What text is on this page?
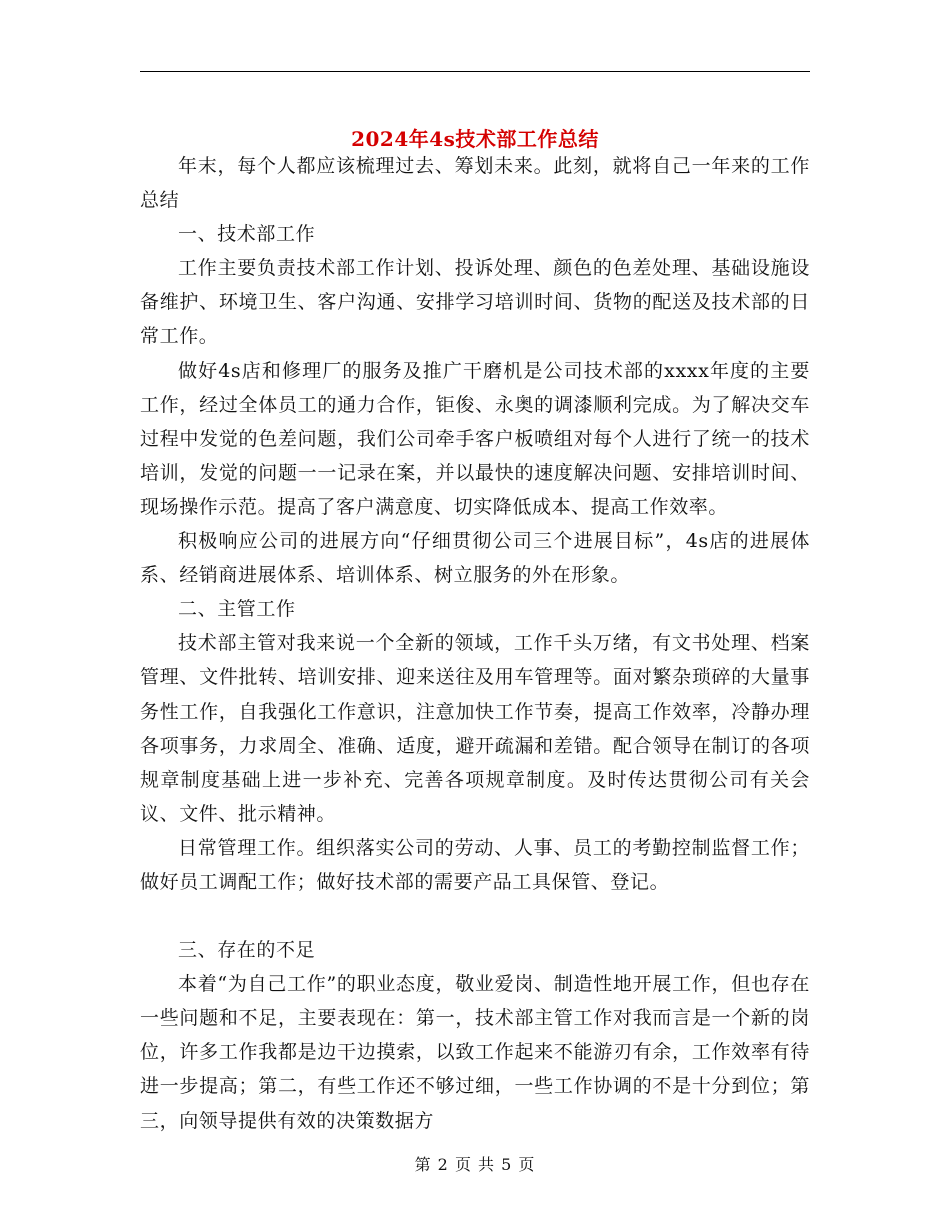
2024年4s技术部工作总结

年末，每个人都应该梳理过去、筹划未来。此刻，就将自己一年来的工作总结

一、技术部工作

工作主要负责技术部工作计划、投诉处理、颜色的色差处理、基础设施设备维护、环境卫生、客户沟通、安排学习培训时间、货物的配送及技术部的日常工作。

做好4s店和修理厂的服务及推广干磨机是公司技术部的xxxx年度的主要工作，经过全体员工的通力合作，钜俊、永奥的调漆顺利完成。为了解决交车过程中发觉的色差问题，我们公司牵手客户板喷组对每个人进行了统一的技术培训，发觉的问题一一记录在案，并以最快的速度解决问题、安排培训时间、现场操作示范。提高了客户满意度、切实降低成本、提高工作效率。

积极响应公司的进展方向“仔细贯彻公司三个进展目标”，4s店的进展体系、经销商进展体系、培训体系、树立服务的外在形象。

二、主管工作

技术部主管对我来说一个全新的领域，工作千头万绪，有文书处理、档案管理、文件批转、培训安排、迎来送往及用车管理等。面对繁杂琐碎的大量事务性工作，自我强化工作意识，注意加快工作节奏，提高工作效率，冷静办理各项事务，力求周全、准确、适度，避开疏漏和差错。配合领导在制订的各项规章制度基础上进一步补充、完善各项规章制度。及时传达贯彻公司有关会议、文件、批示精神。

日常管理工作。组织落实公司的劳动、人事、员工的考勤控制监督工作；做好员工调配工作；做好技术部的需要产品工具保管、登记。

三、存在的不足

本着“为自己工作”的职业态度，敬业爱岗、制造性地开展工作，但也存在一些问题和不足，主要表现在：第一，技术部主管工作对我而言是一个新的岗位，许多工作我都是边干边摸索，以致工作起来不能游刃有余，工作效率有待进一步提高；第二，有些工作还不够过细，一些工作协调的不是十分到位；第三，向领导提供有效的决策数据方

第 2 页 共 5 页
